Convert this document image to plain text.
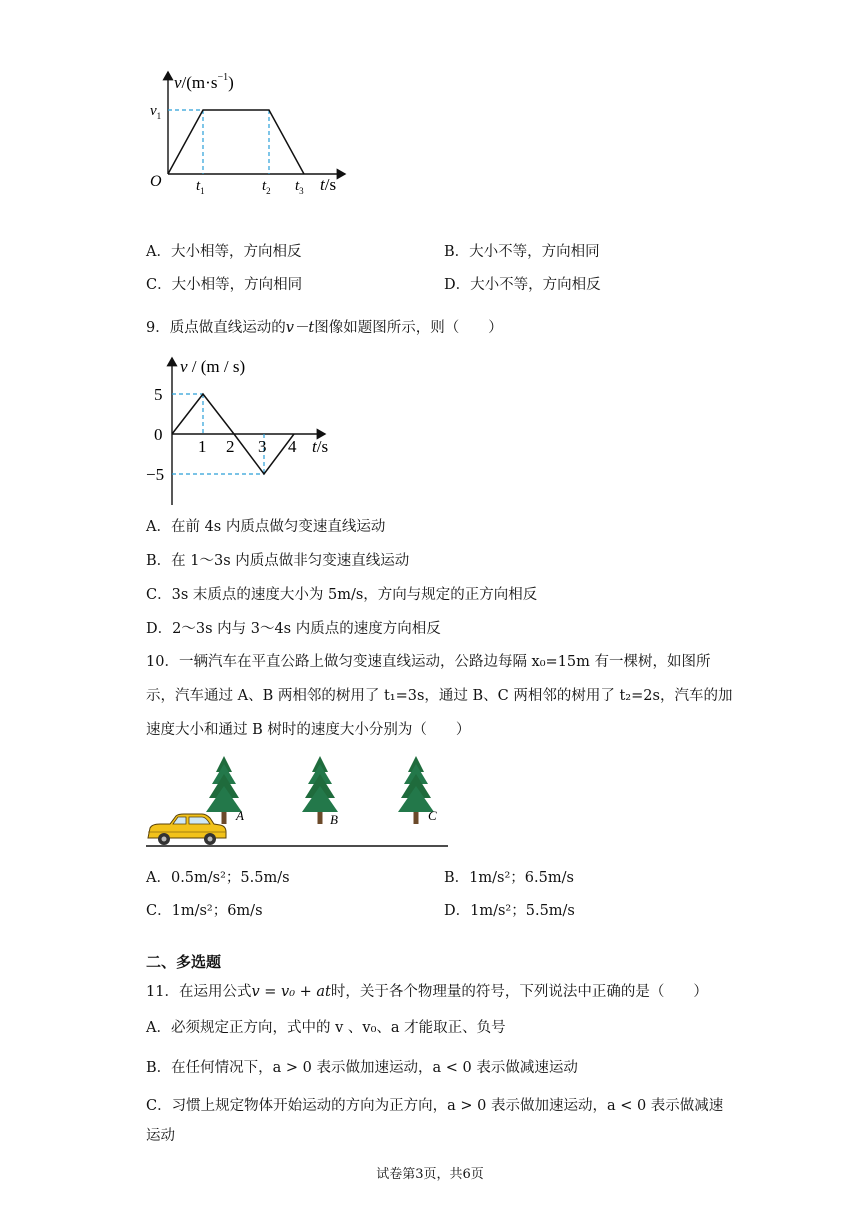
$v/(m\cdot s^{-1})$
$v_1$
O $t_1$	$t_2$ $t_3$ t/s
A．大小相等，方向相反	B．大小不等，方向相同
C．大小相等，方向相同	D．大小不等，方向相反
9．质点做直线运动的v－t图像如题图所示，则（　　）
v / (m / s)
5
0
−5
1 2 3 4 t/s
A．在前 4s 内质点做匀变速直线运动
B．在 1～3s 内质点做非匀变速直线运动
C．3s 末质点的速度大小为 5m/s，方向与规定的正方向相反
D．2～3s 内与 3～4s 内质点的速度方向相反
10．一辆汽车在平直公路上做匀变速直线运动，公路边每隔 x₀=15m 有一棵树，如图所
示，汽车通过 A、B 两相邻的树用了 t₁=3s，通过 B、C 两相邻的树用了 t₂=2s，汽车的加
速度大小和通过 B 树时的速度大小分别为（　　）
A	B	C
A．0.5m/s²；5.5m/s	B．1m/s²；6.5m/s
C．1m/s²；6m/s	D．1m/s²；5.5m/s
二、多选题
11．在运用公式v = v₀ + at时，关于各个物理量的符号，下列说法中正确的是（　　）
A．必须规定正方向，式中的 v 、v₀、a 才能取正、负号
B．在任何情况下，a > 0 表示做加速运动，a < 0 表示做减速运动
C．习惯上规定物体开始运动的方向为正方向，a > 0 表示做加速运动，a < 0 表示做减速
运动
试卷第3页，共6页
